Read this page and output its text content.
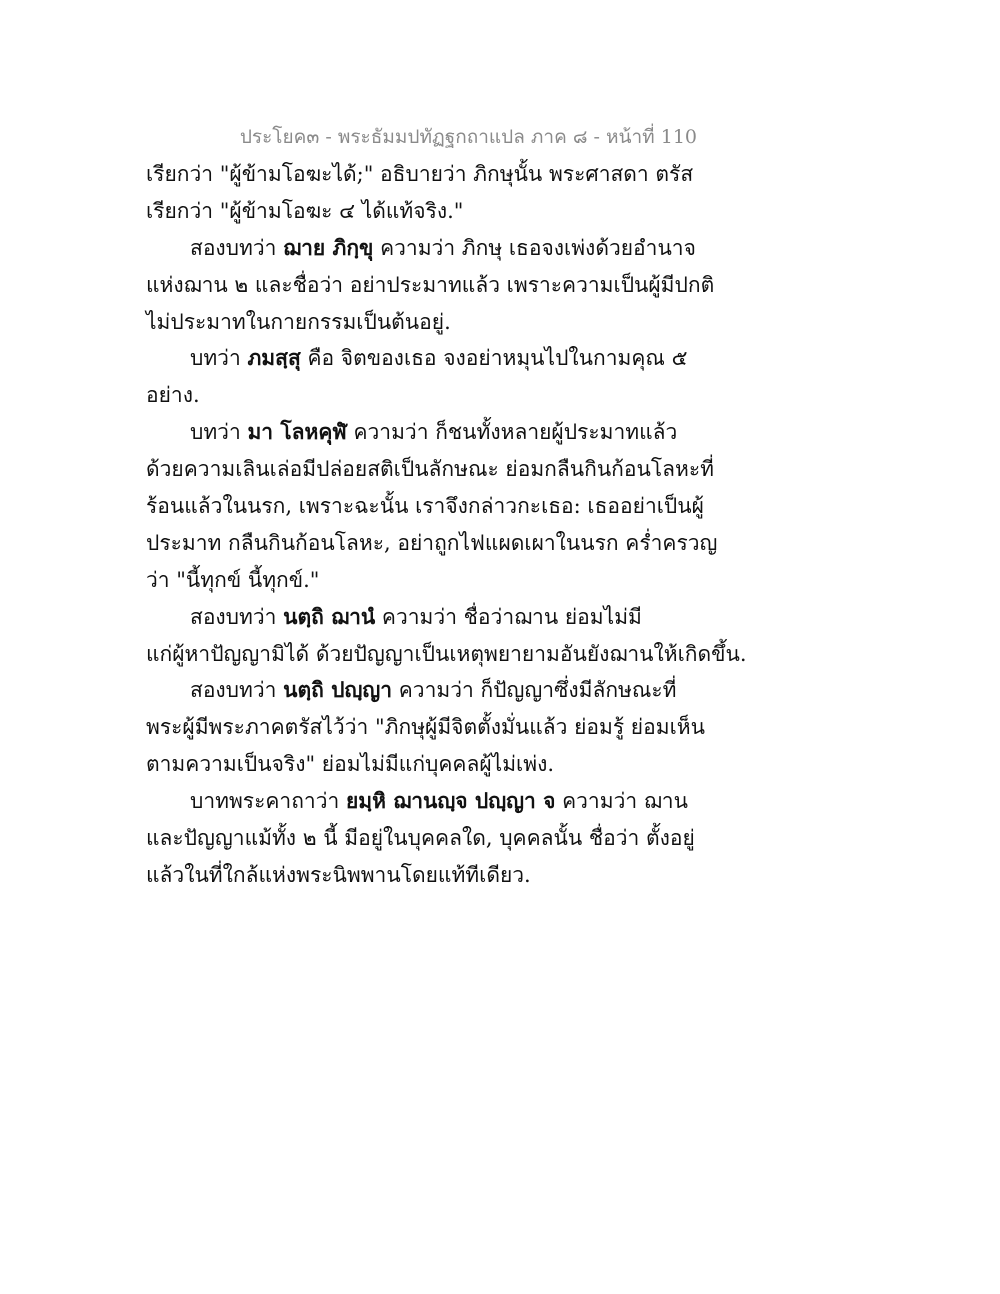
ประโยค๓ - พระธัมมปทัฏฐกถาแปล ภาค ๘ - หน้าที่ 110
เรียกว่า "ผู้ข้ามโอฆะได้;" อธิบายว่า ภิกษุนั้น พระศาสดา ตรัส
เรียกว่า "ผู้ข้ามโอฆะ ๔ ได้แท้จริง."
สองบทว่า ฌาย ภิกฺขุ ความว่า ภิกษุ เธอจงเพ่งด้วยอำนาจ
แห่งฌาน ๒ และชื่อว่า อย่าประมาทแล้ว เพราะความเป็นผู้มีปกติ
ไม่ประมาทในกายกรรมเป็นต้นอยู่.
บทว่า ภมสฺสุ คือ จิตของเธอ จงอย่าหมุนไปในกามคุณ ๕
อย่าง.
บทว่า มา โลหคุฬํ ความว่า ก็ชนทั้งหลายผู้ประมาทแล้ว
ด้วยความเลินเล่อมีปล่อยสติเป็นลักษณะ ย่อมกลืนกินก้อนโลหะที่
ร้อนแล้วในนรก, เพราะฉะนั้น เราจึงกล่าวกะเธอ: เธออย่าเป็นผู้
ประมาท กลืนกินก้อนโลหะ, อย่าถูกไฟแผดเผาในนรก คร่ำครวญ
ว่า "นี้ทุกข์ นี้ทุกข์."
สองบทว่า นตฺถิ ฌานํ ความว่า ชื่อว่าฌาน ย่อมไม่มี
แก่ผู้หาปัญญามิได้ ด้วยปัญญาเป็นเหตุพยายามอันยังฌานให้เกิดขึ้น.
สองบทว่า นตฺถิ ปญฺญา ความว่า ก็ปัญญาซึ่งมีลักษณะที่
พระผู้มีพระภาคตรัสไว้ว่า "ภิกษุผู้มีจิตตั้งมั่นแล้ว ย่อมรู้ ย่อมเห็น
ตามความเป็นจริง" ย่อมไม่มีแก่บุคคลผู้ไม่เพ่ง.
บาทพระคาถาว่า ยมฺหิ ฌานญฺจ ปญฺญา จ ความว่า ฌาน
และปัญญาแม้ทั้ง ๒ นี้ มีอยู่ในบุคคลใด, บุคคลนั้น ชื่อว่า ตั้งอยู่
แล้วในที่ใกล้แห่งพระนิพพานโดยแท้ทีเดียว.
